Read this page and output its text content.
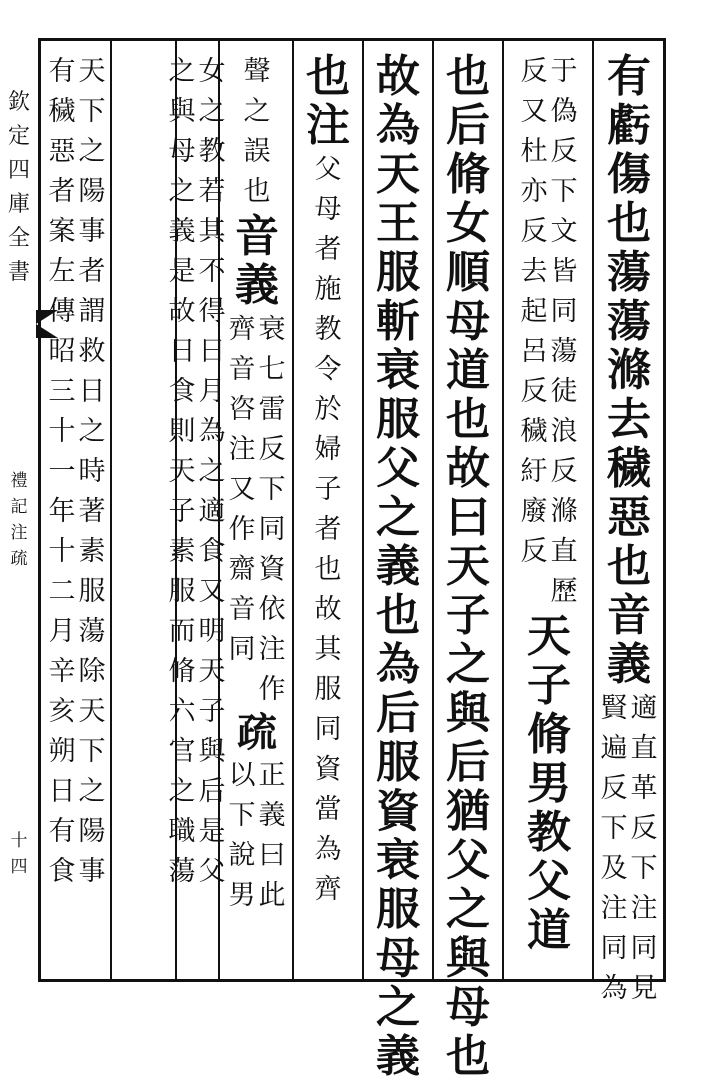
欽
定
四
庫
全
書
禮
記
注
疏
十
四
有
虧
傷
也
蕩
蕩
滌
去
穢
惡
也
音
義
適
直
革
反
下
注
同
見
賢
遍
反
下
及
注
同
為
于
偽
反
下
文
皆
同
蕩
徒
浪
反
滌
直
歷
反
又
杜
亦
反
去
起
呂
反
穢
紆
廢
反
天
子
脩
男
教
父
道
也
后
脩
女
順
母
道
也
故
曰
天
子
之
與
后
猶
父
之
與
母
也
故
為
天
王
服
斬
衰
服
父
之
義
也
為
后
服
資
衰
服
母
之
義
也
注
父
母
者
施
教
令
於
婦
子
者
也
故
其
服
同
資
當
為
齊
聲
之
誤
也
音
義
衰
七
雷
反
下
同
資
依
注
作
齊
音
咨
注
又
作
齋
音
同
疏
正
義
曰
此
以
下
說
男
女
之
教
若
其
不
得
日
月
為
之
適
食
又
明
天
子
與
后
是
父
之
與
母
之
義
是
故
日
食
則
天
子
素
服
而
脩
六
官
之
職
蕩
天
下
之
陽
事
者
謂
救
日
之
時
著
素
服
蕩
除
天
下
之
陽
事
有
穢
惡
者
案
左
傳
昭
三
十
一
年
十
二
月
辛
亥
朔
日
有
食
